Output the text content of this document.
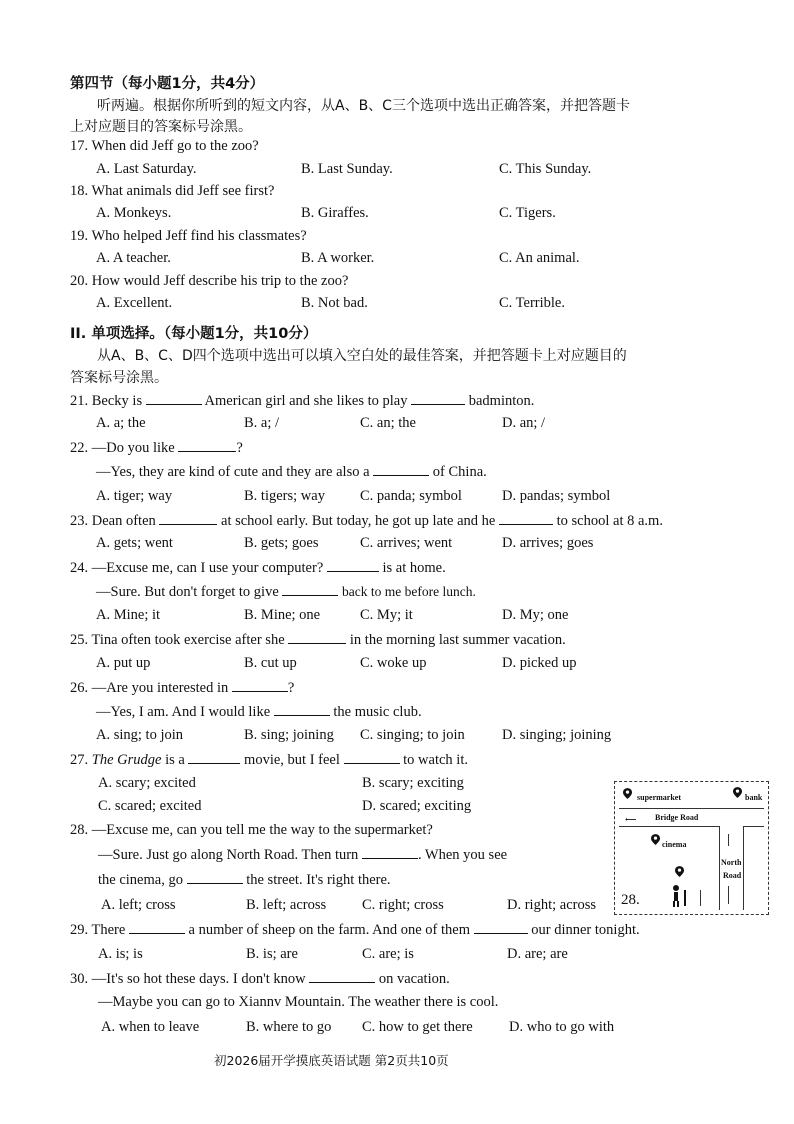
第四节（每小题1分，共4分）
听两遍。根据你所听到的短文内容，从A、B、C三个选项中选出正确答案，并把答题卡
上对应题目的答案标号涂黑。
17. When did Jeff go to the zoo?
A. Last Saturday.	B. Last Sunday.	C. This Sunday.
18. What animals did Jeff see first?
A. Monkeys.	B. Giraffes.	C. Tigers.
19. Who helped Jeff find his classmates?
A. A teacher.	B. A worker.	C. An animal.
20. How would Jeff describe his trip to the zoo?
A. Excellent.	B. Not bad.	C. Terrible.
II. 单项选择。（每小题1分，共10分）
从A、B、C、D四个选项中选出可以填入空白处的最佳答案，并把答题卡上对应题目的
答案标号涂黑。
21. Becky is	American girl and she likes to play	badminton.
A. a; the	B. a; /	C. an; the	D. an; /
22. —Do you like	?
—Yes, they are kind of cute and they are also a	of China.
A. tiger; way	B. tigers; way C. panda; symbol	D. pandas; symbol
23. Dean often	at school early. But today, he got up late and he	to school at 8 a.m.
A. gets; went	B. gets; goes	C. arrives; went	D. arrives; goes
24. —Excuse me, can I use your computer?	is at home.
—Sure. But don't forget to give	back to me before lunch.
A. Mine; it	B. Mine; one	C. My; it	D. My; one
25. Tina often took exercise after she	in the morning last summer vacation.
A. put up	B. cut up	C. woke up	D. picked up
26. —Are you interested in	?
—Yes, I am. And I would like	the music club.
A. sing; to join	B. sing; joining C. singing; to join	D. singing; joining
27. The Grudge is a	movie, but I feel	to watch it.
A. scary; excited	B. scary; exciting
C. scared; excited	D. scared; exciting
28. —Excuse me, can you tell me the way to the supermarket?
—Sure. Just go along North Road. Then turn	. When you see
the cinema, go	the street. It's right there.
A. left; cross	B. left; across C. right; cross	D. right; across
supermarket	bank
⟵ Bridge Road
North
Road
cinema
28.
29. There	a number of sheep on the farm. And one of them	our dinner tonight.
A. is; is	B. is; are	C. are; is	D. are; are
30. —It's so hot these days. I don't know	on vacation.
—Maybe you can go to Xiannv Mountain. The weather there is cool.
A. when to leave	B. where to go C. how to get there	D. who to go with
初2026届开学摸底英语试题 第2页共10页
